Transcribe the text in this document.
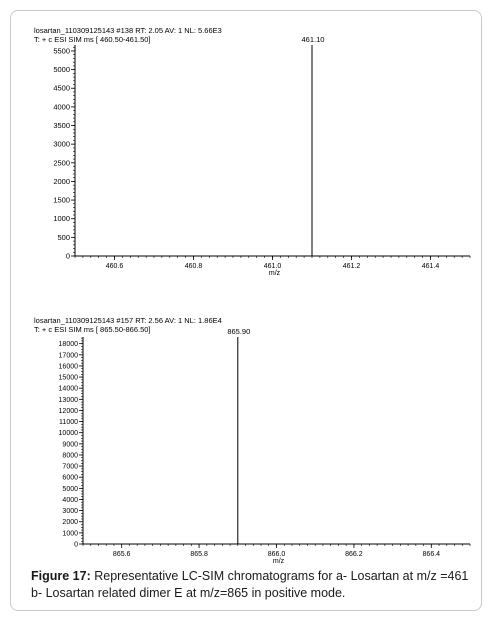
losartan_110309125143 #138 RT: 2.05 AV: 1 NL: 5.66E3
T: + c ESI SIM ms [ 460.50-461.50]
0
500
1000
1500
2000
2500
3000
3500
4000
4500
5000
5500
460.6	460.8	461.0	461.2	461.4
m/z
461.10
losartan_110309125143 #157 RT: 2.56 AV: 1 NL: 1.86E4
T: + c ESI SIM ms [ 865.50-866.50]
0
1000
2000
3000
4000
5000
6000
7000
8000
9000
10000
11000
12000
13000
14000
15000
16000
17000
18000
865.6	865.8	866.0	866.2	866.4
m/z
865.90
Figure 17: Representative LC-SIM chromatograms for a- Losartan at m/z =461 b- Losartan related dimer E at m/z=865 in positive mode.
